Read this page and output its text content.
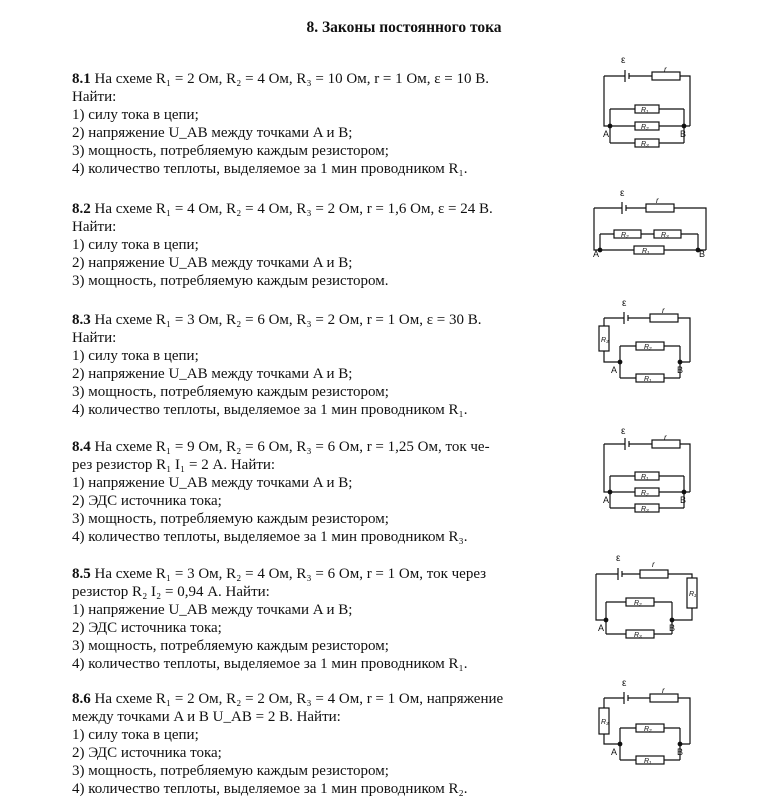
8. Законы постоянного тока
8.1 На схеме R₁ = 2 Ом, R₂ = 4 Ом, R₃ = 10 Ом, r = 1 Ом, ε = 10 В.
Найти:
1) силу тока в цепи;
2) напряжение U_AB между точками A и B;
3) мощность, потребляемую каждым резистором;
4) количество теплоты, выделяемое за 1 мин проводником R₁.
8.2 На схеме R₁ = 4 Ом, R₂ = 4 Ом, R₃ = 2 Ом, r = 1,6 Ом, ε = 24 В.
Найти:
1) силу тока в цепи;
2) напряжение U_AB между точками A и B;
3) мощность, потребляемую каждым резистором.
8.3 На схеме R₁ = 3 Ом, R₂ = 6 Ом, R₃ = 2 Ом, r = 1 Ом, ε = 30 В.
Найти:
1) силу тока в цепи;
2) напряжение U_AB между точками A и B;
3) мощность, потребляемую каждым резистором;
4) количество теплоты, выделяемое за 1 мин проводником R₁.
8.4 На схеме R₁ = 9 Ом, R₂ = 6 Ом, R₃ = 6 Ом, r = 1,25 Ом, ток че-
рез резистор R₁ I₁ = 2 А. Найти:
1) напряжение U_AB между точками A и B;
2) ЭДС источника тока;
3) мощность, потребляемую каждым резистором;
4) количество теплоты, выделяемое за 1 мин проводником R₃.
8.5 На схеме R₁ = 3 Ом, R₂ = 4 Ом, R₃ = 6 Ом, r = 1 Ом, ток через
резистор R₂ I₂ = 0,94 А. Найти:
1) напряжение U_AB между точками A и B;
2) ЭДС источника тока;
3) мощность, потребляемую каждым резистором;
4) количество теплоты, выделяемое за 1 мин проводником R₁.
8.6 На схеме R₁ = 2 Ом, R₂ = 2 Ом, R₃ = 4 Ом, r = 1 Ом, напряжение
между точками A и B U_AB = 2 В. Найти:
1) силу тока в цепи;
2) ЭДС источника тока;
3) мощность, потребляемую каждым резистором;
4) количество теплоты, выделяемое за 1 мин проводником R₂.
ε
r
R₁
R₂
R₃
A	B
ε
r
R₂	R₃
R₁
A	B
ε
r
R₃
R₂
R₁
A	B
ε
r
R₁
R₂
R₃
A	B
ε
r
R₁
R₂
R₃
A	B
ε
r
R₃
R₂
R₁
A	B
